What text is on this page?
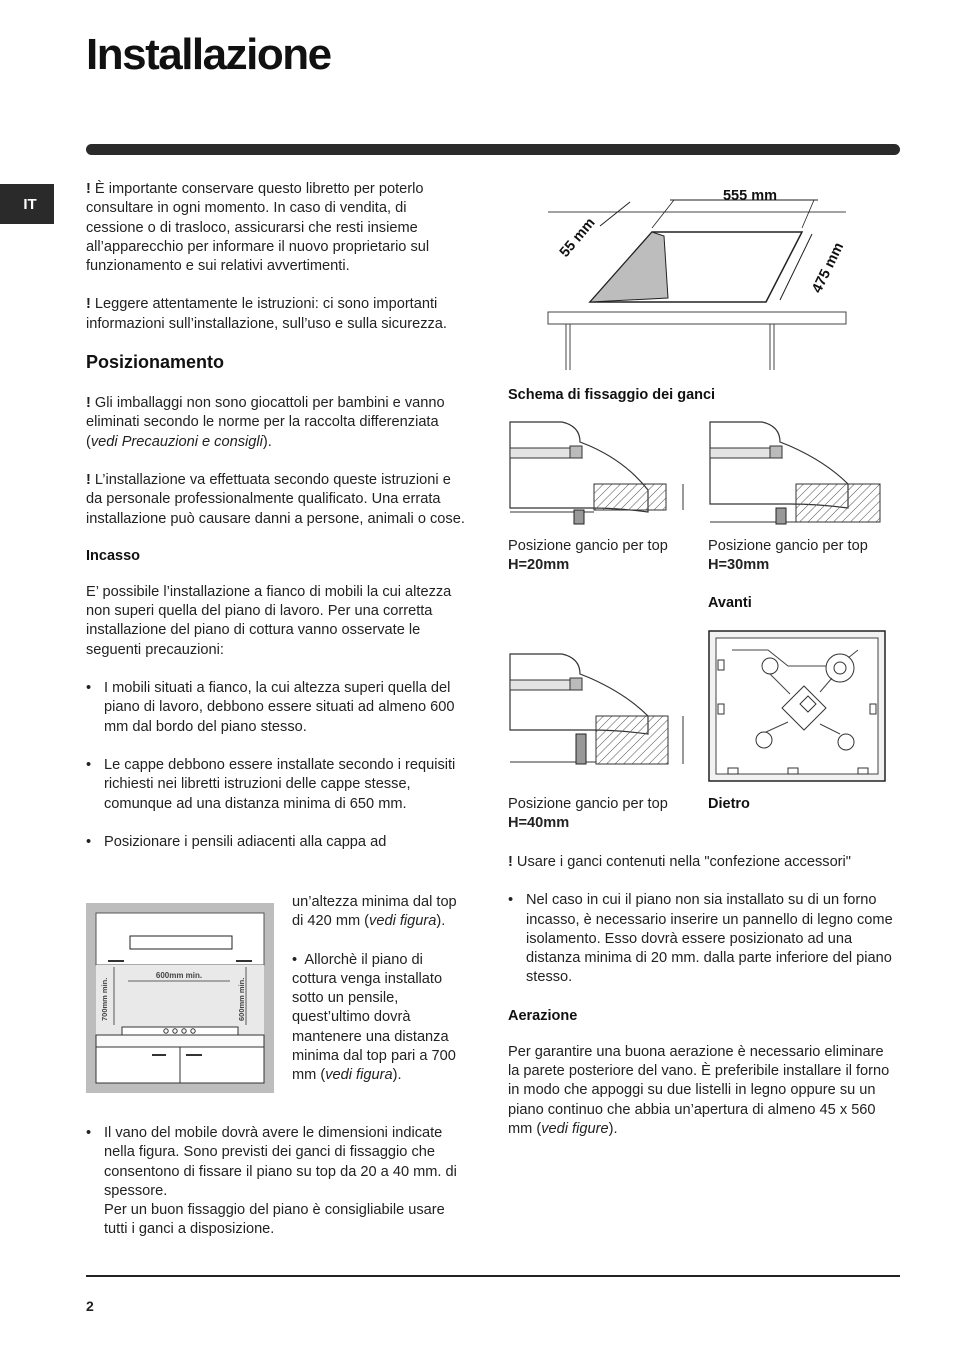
Installazione
IT

! È importante conservare questo libretto per poterlo consultare in ogni momento. In caso di vendita, di cessione o di trasloco, assicurarsi che resti insieme all’apparecchio per informare il nuovo proprietario sul funzionamento e sui relativi avvertimenti.

! Leggere attentamente le istruzioni: ci sono importanti informazioni sull’installazione, sull’uso e sulla sicurezza.

Posizionamento

! Gli imballaggi non sono giocattoli per bambini e vanno eliminati secondo le norme per la raccolta differenziata (vedi Precauzioni e consigli).

! L’installazione va effettuata secondo queste istruzioni e da personale professionalmente qualificato. Una errata installazione può causare danni a persone, animali o cose.

Incasso

E’ possibile l’installazione a fianco di mobili la cui altezza non superi quella del piano di lavoro. Per una corretta installazione del piano di cottura vanno osservate le seguenti precauzioni:

• I mobili situati a fianco, la cui altezza superi quella del piano di lavoro, debbono essere situati ad almeno 600 mm dal bordo del piano stesso.
• Le cappe debbono essere installate secondo i requisiti richiesti nei libretti istruzioni delle cappe stesse, comunque ad una distanza minima di 650 mm.
• Posizionare i pensili adiacenti alla cappa ad
600mm min.
700mm min.	600mm min.

un’altezza minima dal top di 420 mm (vedi figura).

• Allorchè il piano di cottura venga installato sotto un pensile, quest’ultimo dovrà mantenere una distanza minima dal top pari a 700 mm (vedi figura).
• Il vano del mobile dovrà avere le dimensioni indicate nella figura. Sono previsti dei ganci di fissaggio che consentono di fissare il piano su top da 20 a 40 mm. di spessore.

Per un buon fissaggio del piano è consigliabile usare tutti i ganci a disposizione.

555 mm
55 mm
475 mm
Schema di fissaggio dei ganci
Posizione gancio per top H=20mm
Posizione gancio per top H=30mm
Avanti
Posizione gancio per top H=40mm
Dietro

! Usare i ganci contenuti nella "confezione accessori"

• Nel caso in cui il piano non sia installato su di un forno incasso, è necessario inserire un pannello di legno come isolamento. Esso dovrà essere posizionato ad una distanza minima di 20 mm. dalla parte inferiore del piano stesso.
Aerazione

Per garantire una buona aerazione è necessario eliminare la parete posteriore del vano. È preferibile installare il forno in modo che appoggi su due listelli in legno oppure su un piano continuo che abbia un’apertura di almeno 45 x 560 mm (vedi figure).

2
